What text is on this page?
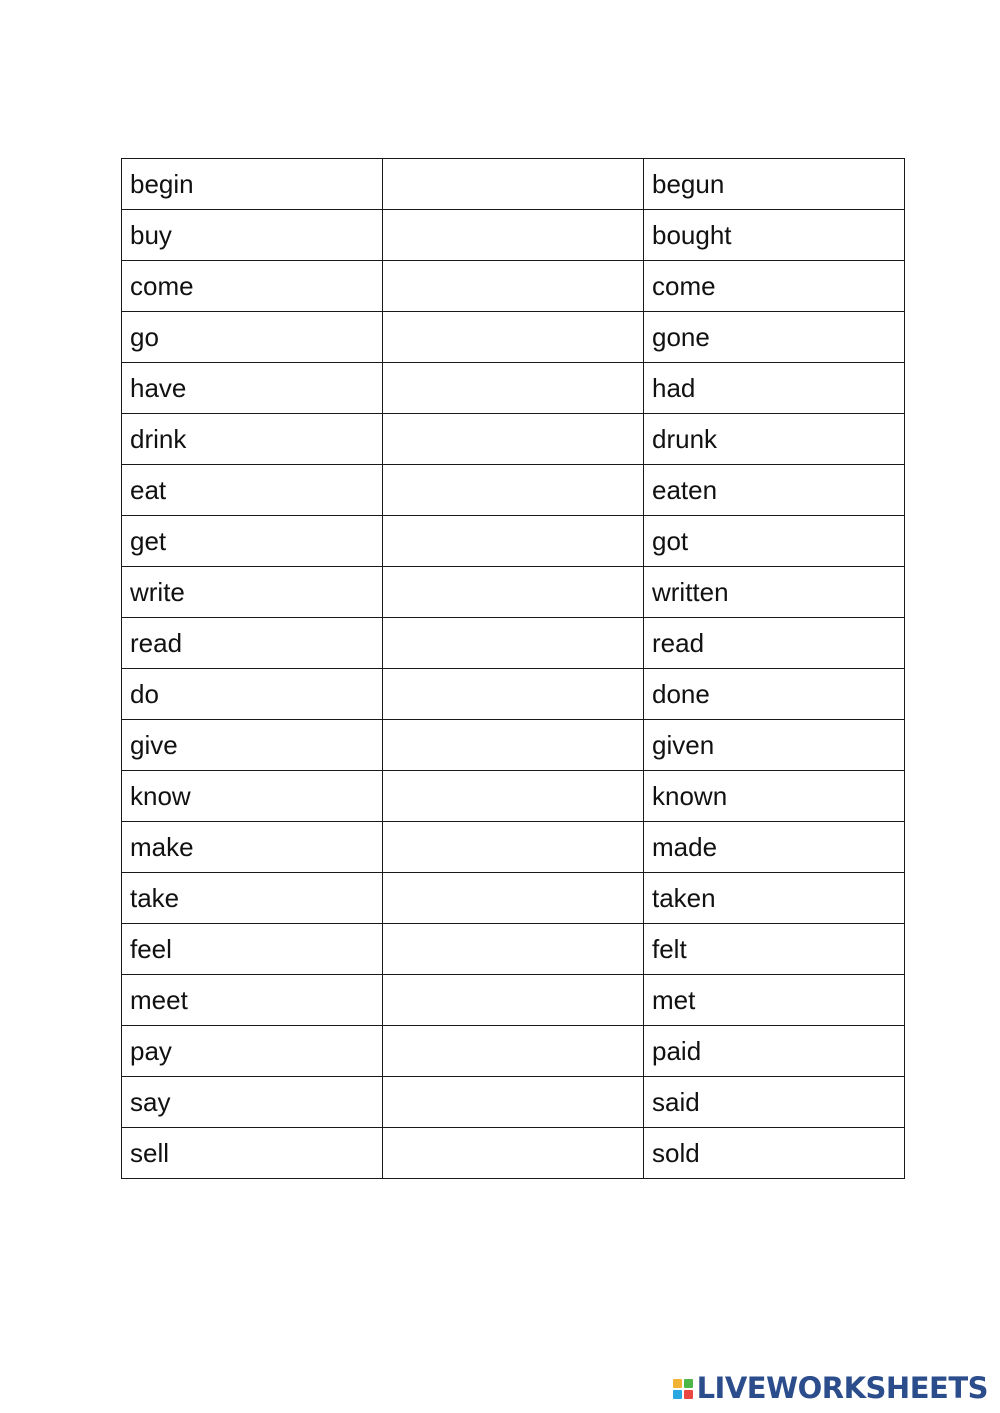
begin		begun
buy		bought
come		come
go		gone
have		had
drink		drunk
eat		eaten
get		got
write		written
read		read
do		done
give		given
know		known
make		made
take		taken
feel		felt
meet		met
pay		paid
say		said
sell		sold
LIVEWORKSHEETS
